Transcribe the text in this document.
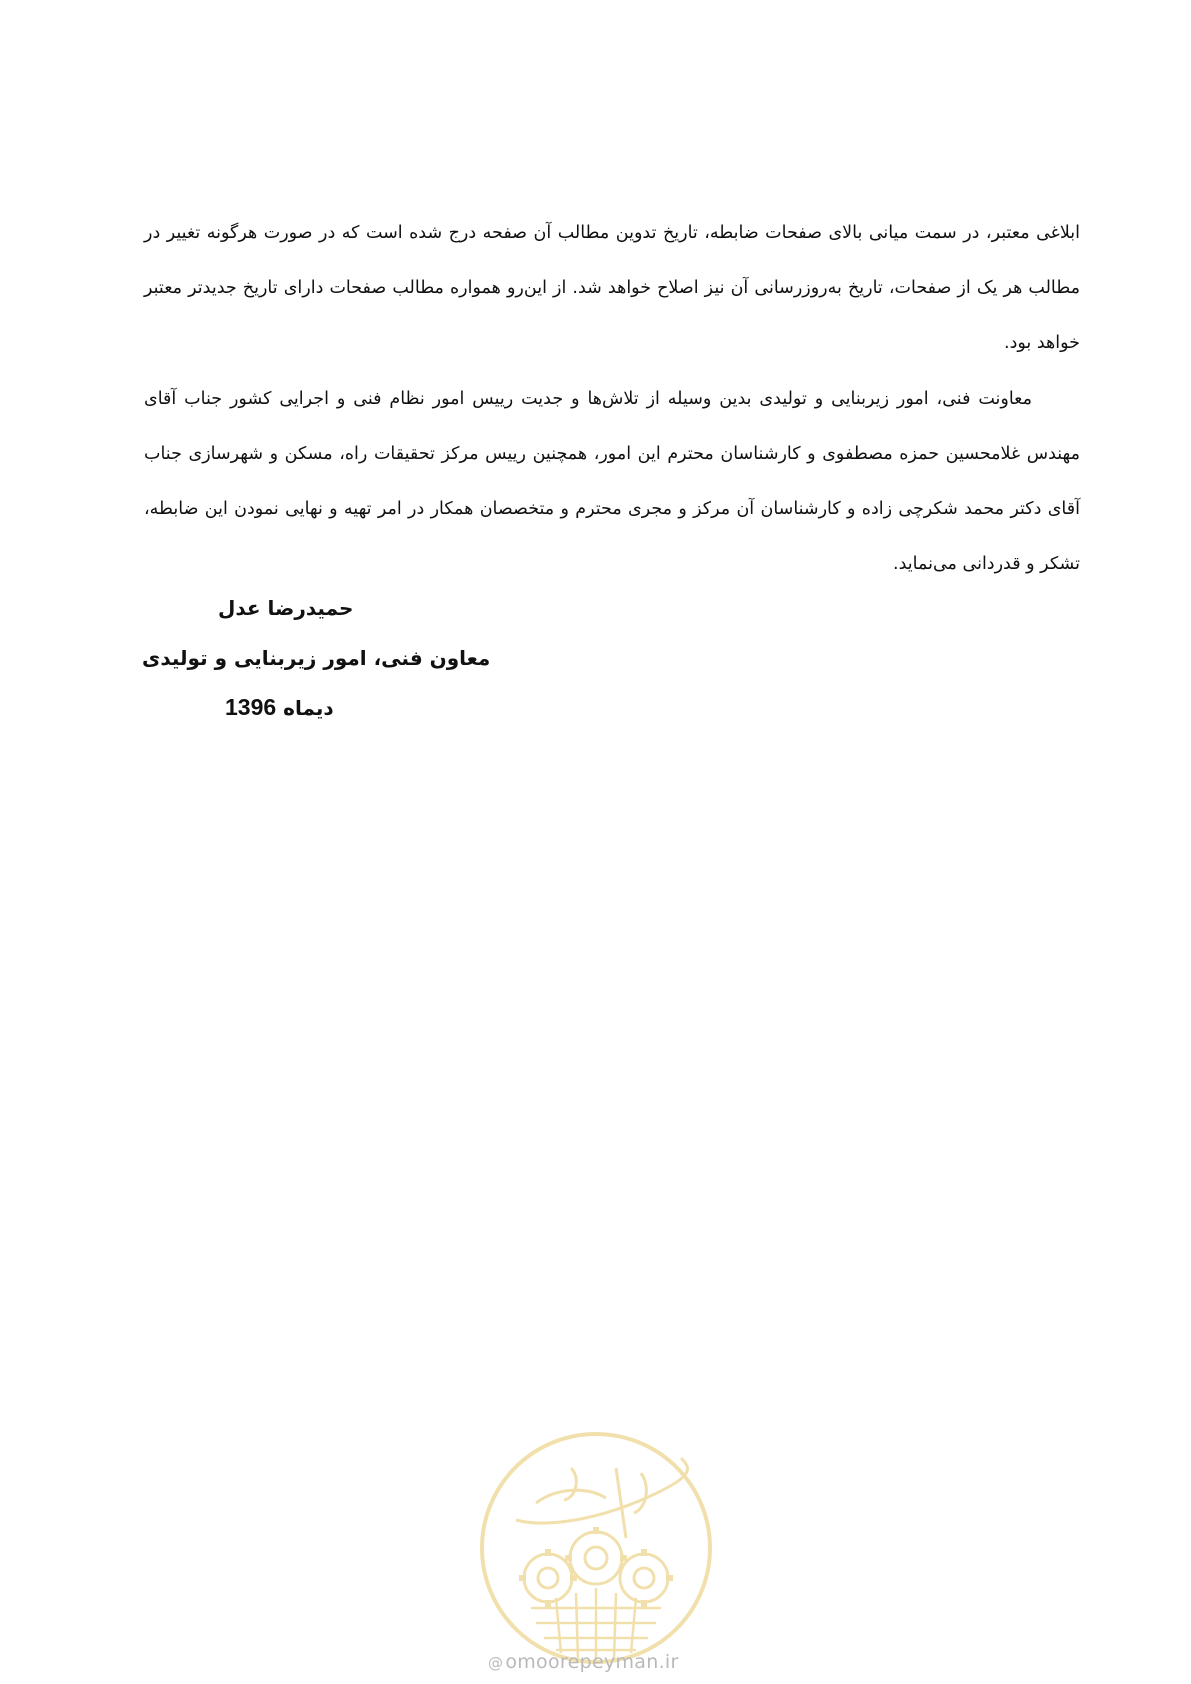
ابلاغی معتبر، در سمت میانی بالای صفحات ضابطه، تاریخ تدوین مطالب آن صفحه درج شده است که در صورت هرگونه تغییر در مطالب هر یک از صفحات، تاریخ به‌روزرسانی آن نیز اصلاح خواهد شد. از این‌رو همواره مطالب صفحات دارای تاریخ جدیدتر معتبر خواهد بود.

معاونت فنی، امور زیربنایی و تولیدی بدین وسیله از تلاش‌ها و جدیت رییس امور نظام فنی و اجرایی کشور جناب آقای مهندس غلامحسین حمزه مصطفوی و کارشناسان محترم این امور، همچنین رییس مرکز تحقیقات راه، مسکن و شهرسازی جناب آقای دکتر محمد شکرچی زاده و کارشناسان آن مرکز و مجری محترم و متخصصان همکار در امر تهیه و نهایی نمودن این ضابطه، تشکر و قدردانی می‌نماید.

حمیدرضا عدل
معاون فنی، امور زیربنایی و تولیدی
دیماه 1396
@ omoorepeyman.ir
